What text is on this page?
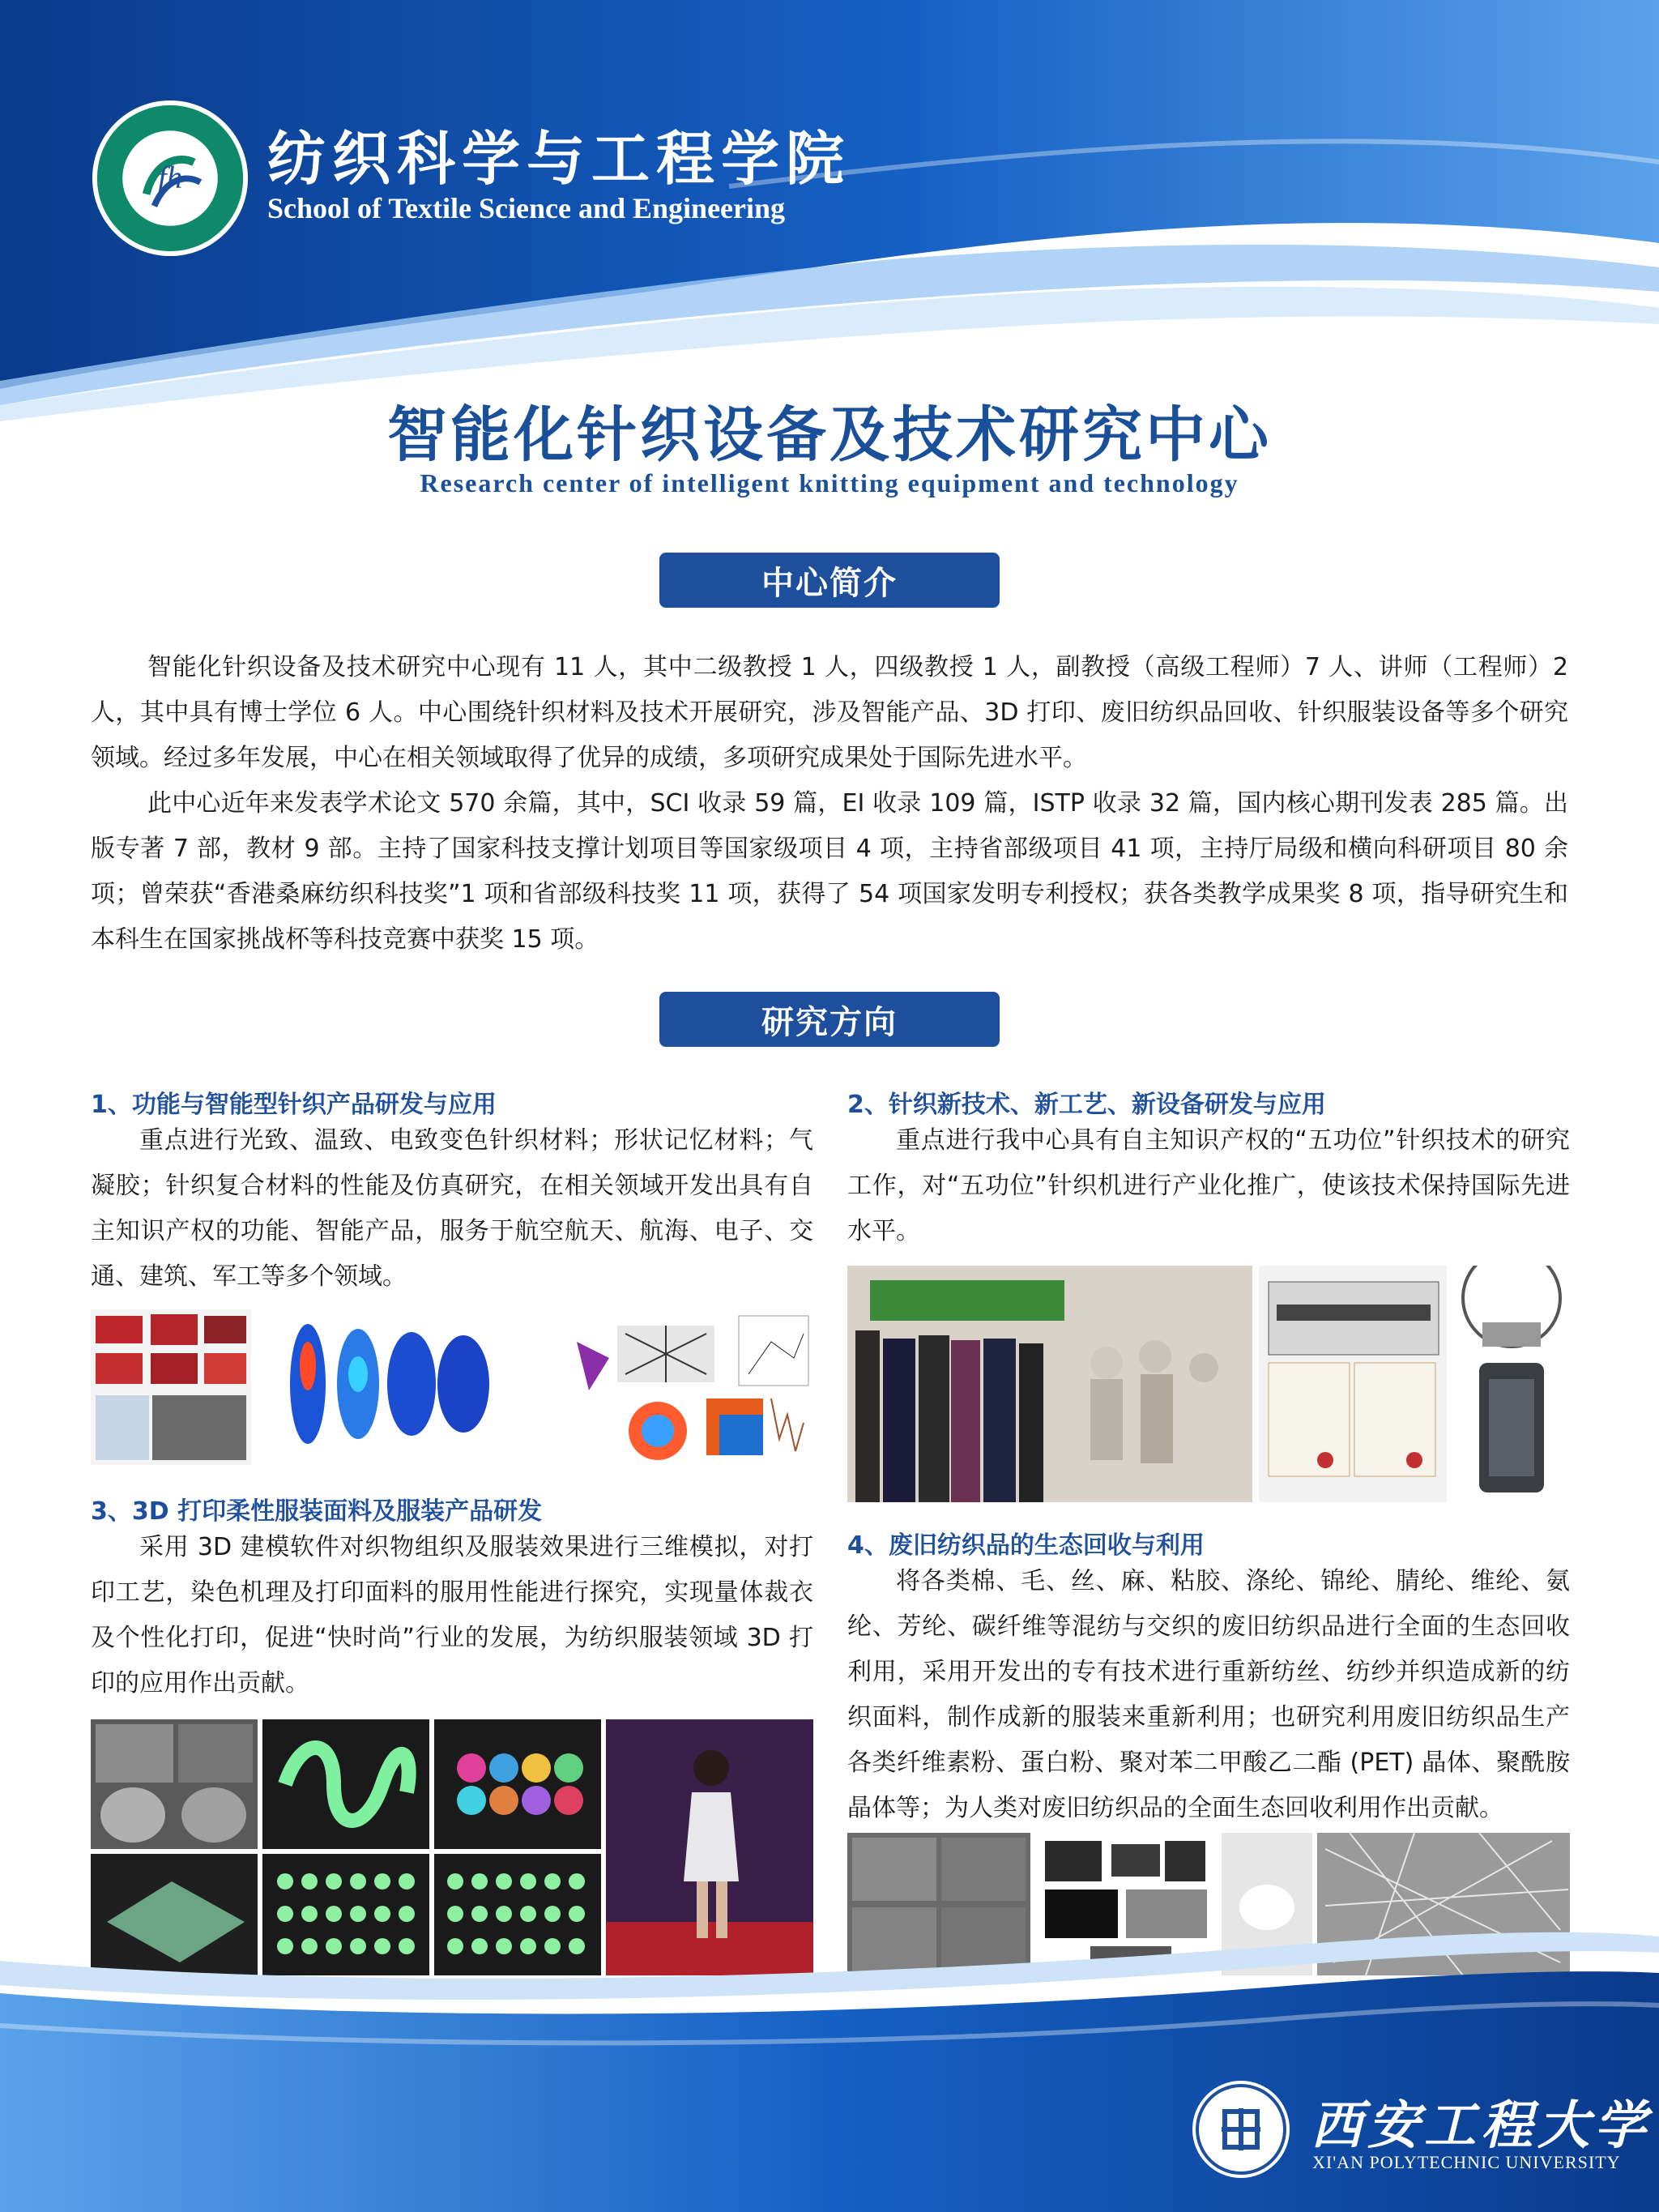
fh 纺织科学与工程学院
School of Textile Science and Engineering
智能化针织设备及技术研究中心
Research center of intelligent knitting equipment and technology
中心简介

智能化针织设备及技术研究中心现有 11 人，其中二级教授 1 人，四级教授 1 人，副教授（高级工程师）7 人、讲师（工程师）2 人，其中具有博士学位 6 人。中心围绕针织材料及技术开展研究，涉及智能产品、3D 打印、废旧纺织品回收、针织服装设备等多个研究领域。经过多年发展，中心在相关领域取得了优异的成绩，多项研究成果处于国际先进水平。

此中心近年来发表学术论文 570 余篇，其中，SCI 收录 59 篇，EI 收录 109 篇，ISTP 收录 32 篇，国内核心期刊发表 285 篇。出版专著 7 部，教材 9 部。主持了国家科技支撑计划项目等国家级项目 4 项，主持省部级项目 41 项，主持厅局级和横向科研项目 80 余项；曾荣获“香港桑麻纺织科技奖”1 项和省部级科技奖 11 项，获得了 54 项国家发明专利授权；获各类教学成果奖 8 项，指导研究生和本科生在国家挑战杯等科技竞赛中获奖 15 项。

研究方向
1、功能与智能型针织产品研发与应用

重点进行光致、温致、电致变色针织材料；形状记忆材料；气凝胶；针织复合材料的性能及仿真研究，在相关领域开发出具有自主知识产权的功能、智能产品，服务于航空航天、航海、电子、交通、建筑、军工等多个领域。

2、针织新技术、新工艺、新设备研发与应用

重点进行我中心具有自主知识产权的“五功位”针织技术的研究工作，对“五功位”针织机进行产业化推广，使该技术保持国际先进水平。

3、3D 打印柔性服装面料及服装产品研发

采用 3D 建模软件对织物组织及服装效果进行三维模拟，对打印工艺，染色机理及打印面料的服用性能进行探究，实现量体裁衣及个性化打印，促进“快时尚”行业的发展，为纺织服装领域 3D 打印的应用作出贡献。

4、废旧纺织品的生态回收与利用

将各类棉、毛、丝、麻、粘胶、涤纶、锦纶、腈纶、维纶、氨纶、芳纶、碳纤维等混纺与交织的废旧纺织品进行全面的生态回收利用，采用开发出的专有技术进行重新纺丝、纺纱并织造成新的纺织面料，制作成新的服装来重新利用；也研究利用废旧纺织品生产各类纤维素粉、蛋白粉、聚对苯二甲酸乙二酯 (PET) 晶体、聚酰胺晶体等；为人类对废旧纺织品的全面生态回收利用作出贡献。

西安工程大学
XI'AN POLYTECHNIC UNIVERSITY
